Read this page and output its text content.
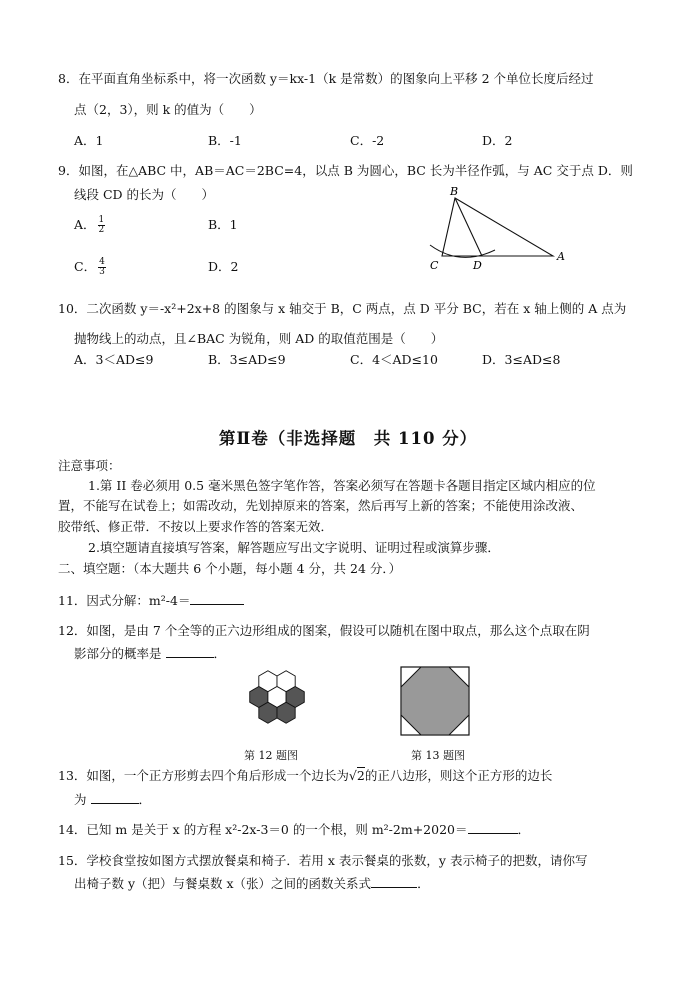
8．在平面直角坐标系中，将一次函数 y＝kx-1（k 是常数）的图象向上平移 2 个单位长度后经过
点（2，3），则 k 的值为（　　）
A．1	B．-1	C．-2	D．2
9．如图，在△ABC 中，AB＝AC＝2BC=4，以点 B 为圆心，BC 长为半径作弧，与 AC 交于点 D．则
线段 CD 的长为（　　）
A． $\frac{1}{2}$	B．1
C． $\frac{4}{3}$	D．2
B
C	D
A
10．二次函数 y＝-x²+2x+8 的图象与 x 轴交于 B，C 两点，点 D 平分 BC，若在 x 轴上侧的 A 点为
抛物线上的动点，且∠BAC 为锐角，则 AD 的取值范围是（　　）
A．3＜AD≤9	B．3≤AD≤9	C．4＜AD≤10	D．3≤AD≤8
第Ⅱ卷（非选择题　共 110 分）
注意事项：
1.第 II 卷必须用 0.5 毫米黑色签字笔作答，答案必须写在答题卡各题目指定区域内相应的位
置，不能写在试卷上；如需改动，先划掉原来的答案，然后再写上新的答案；不能使用涂改液、
胶带纸、修正带．不按以上要求作答的答案无效．
2.填空题请直接填写答案，解答题应写出文字说明、证明过程或演算步骤．
二、填空题：（本大题共 6 个小题，每小题 4 分，共 24 分．）
11．因式分解：m²-4＝
12．如图，是由 7 个全等的正六边形组成的图案，假设可以随机在图中取点，那么这个点取在阴
影部分的概率是	．
第 12 题图	第 13 题图
13．如图，一个正方形剪去四个角后形成一个边长为√2的正八边形，则这个正方形的边长
为	．
14．已知 m 是关于 x 的方程 x²-2x-3＝0 的一个根，则 m²-2m+2020＝	．
15．学校食堂按如图方式摆放餐桌和椅子．若用 x 表示餐桌的张数，y 表示椅子的把数，请你写
出椅子数 y（把）与餐桌数 x（张）之间的函数关系式	．
